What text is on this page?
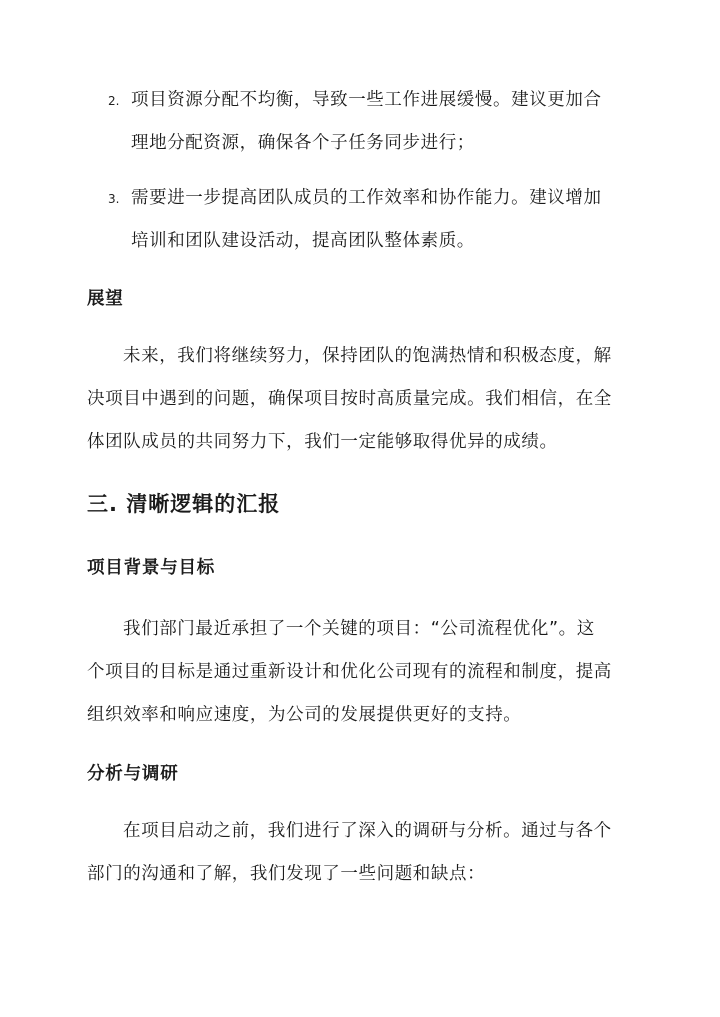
2. 项目资源分配不均衡，导致一些工作进展缓慢。建议更加合
理地分配资源，确保各个子任务同步进行；
3. 需要进一步提高团队成员的工作效率和协作能力。建议增加
培训和团队建设活动，提高团队整体素质。
展望
未来，我们将继续努力，保持团队的饱满热情和积极态度，解
决项目中遇到的问题，确保项目按时高质量完成。我们相信，在全
体团队成员的共同努力下，我们一定能够取得优异的成绩。
三. 清晰逻辑的汇报
项目背景与目标
我们部门最近承担了一个关键的项目：“公司流程优化”。这
个项目的目标是通过重新设计和优化公司现有的流程和制度，提高
组织效率和响应速度，为公司的发展提供更好的支持。
分析与调研
在项目启动之前，我们进行了深入的调研与分析。通过与各个
部门的沟通和了解，我们发现了一些问题和缺点：
